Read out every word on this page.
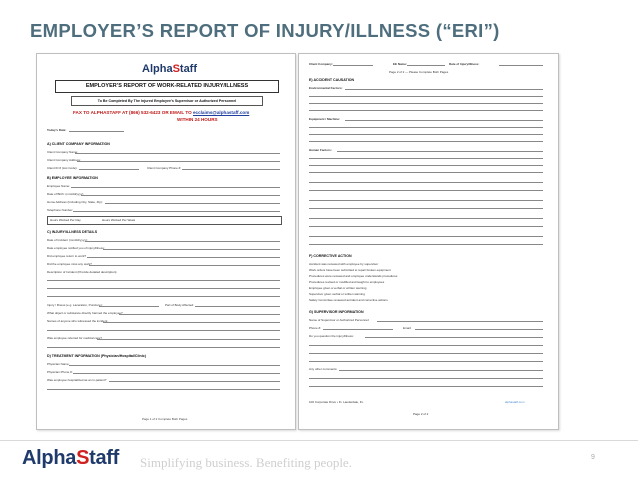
EMPLOYER’S REPORT OF INJURY/ILLNESS (“ERI”)
AlphaStaff
EMPLOYER’S REPORT OF WORK-RELATED INJURY/ILLNESS
To Be Completed By The Injured Employee’s Supervisor or Authorized Personnel
FAX TO ALPHASTAFF AT (866) 532-6423 OR EMAIL TO ecclaims@alphastaff.com
WITHIN 24 HOURS
Today’s Date:
A) CLIENT COMPANY INFORMATION
Client Company Name:
Client Company Address:
Client ID # (List Code):	Client Company Phone #:
B) EMPLOYEE INFORMATION
Employee Name:
Date of Birth: (mm/dd/yyyy)
Home Address (Including City, State, Zip):
Telephone Number:
Hours Worked Per Day	Hours Worked Per Week
C) INJURY/ILLNESS DETAILS
Date of Incident (mm/dd/yyyy):
Date employee notified you of injury/illness:
Did employee return to work?
Did the employee miss any work?
Description of Incident (Provide detailed description):
Injury / Illness (e.g. Laceration, Puncture):	Part of Body Affected:
What object or substance directly harmed the employee?
Names of anyone who witnessed the incident:
Was employee referred for medical care?
D) TREATMENT INFORMATION (Physician/Hospital/Clinic)
Physician Name:
Physician Phone #:
Was employee hospitalized as an in-patient?
Page 1 of 2 Complete Both Pages
Client Company:	EE Name:	Date of Injury/Illness:
Page 2 of 2 — Please Complete Both Pages
E) ACCIDENT CAUSATION
Environmental Factors:
Equipment / Machine:
Human Factors:
F) CORRECTIVE ACTION
Accident was reviewed with employee by supervisor
Work orders have been submitted to repair broken equipment
Procedures were reviewed and employee understands procedures
Procedures revised or modified and taught to employees
Employee given a verbal or written warning
Supervisor given verbal or written warning
Safety Committee reviewed accident and corrective actions
G) SUPERVISOR INFORMATION
Name of Supervisor or Authorized Personnel:
Phone #:	Email:
Do you question the injury/illness:
Any other comments:
100 Corporate Drive • Ft. Lauderdale, FL	alphastaff.com
Page 2 of 2
AlphaStaff Simplifying business. Benefiting people.	9
